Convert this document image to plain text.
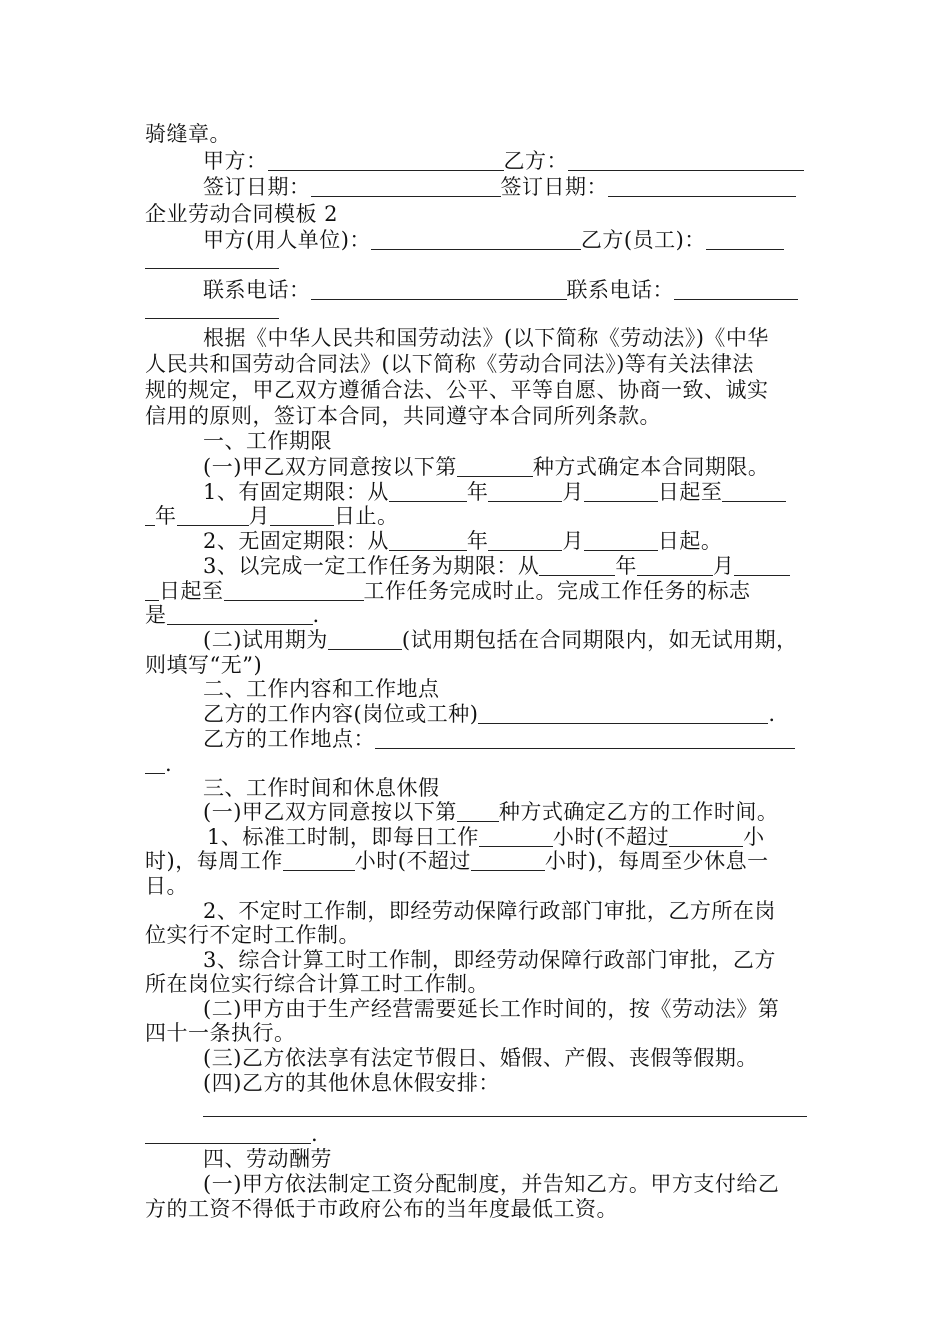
骑缝章。
甲方：	乙方：
签订日期：	签订日期：
企业劳动合同模板 2
甲方(用人单位)：	乙方(员工)：
联系电话：	联系电话：
根据《中华人民共和国劳动法》(以下简称《劳动法》)《中华
人民共和国劳动合同法》(以下简称《劳动合同法》)等有关法律法
规的规定，甲乙双方遵循合法、公平、平等自愿、协商一致、诚实
信用的原则，签订本合同，共同遵守本合同所列条款。
一、工作期限
(一)甲乙双方同意按以下第	种方式确定本合同期限。
1、有固定期限：从	年	月	日起至
年	月	日止。
2、无固定期限：从	年	月	日起。
3、以完成一定工作任务为期限：从	年	月
日起至	工作任务完成时止。完成工作任务的标志
是	.
(二)试用期为	(试用期包括在合同期限内，如无试用期，
则填写“无”)
二、工作内容和工作地点
乙方的工作内容(岗位或工种)	.
乙方的工作地点：
.
三、工作时间和休息休假
(一)甲乙双方同意按以下第 种方式确定乙方的工作时间。
1、标准工时制，即每日工作	小时(不超过	小
时)，每周工作	小时(不超过	小时)，每周至少休息一
日。
2、不定时工作制，即经劳动保障行政部门审批，乙方所在岗
位实行不定时工作制。
3、综合计算工时工作制，即经劳动保障行政部门审批，乙方
所在岗位实行综合计算工时工作制。
(二)甲方由于生产经营需要延长工作时间的，按《劳动法》第
四十一条执行。
(三)乙方依法享有法定节假日、婚假、产假、丧假等假期。
(四)乙方的其他休息休假安排：
.
四、劳动酬劳
(一)甲方依法制定工资分配制度，并告知乙方。甲方支付给乙
方的工资不得低于市政府公布的当年度最低工资。
